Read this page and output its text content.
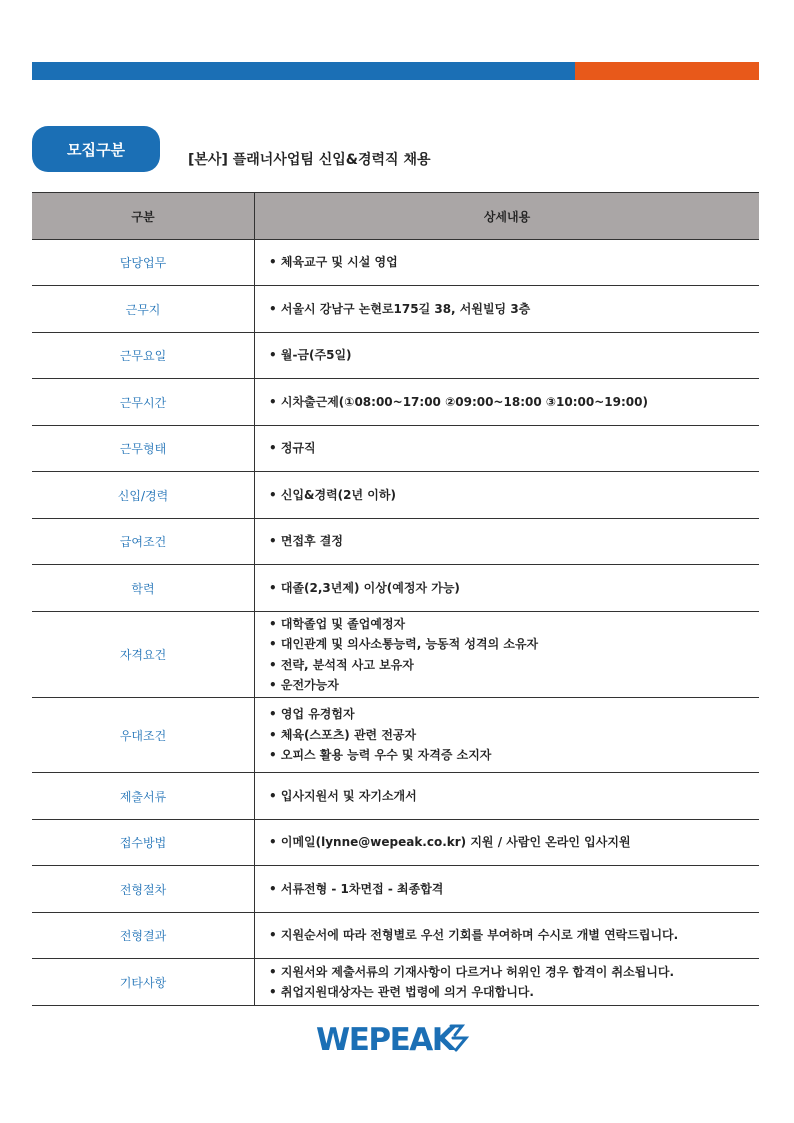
모집구분
[본사] 플래너사업팀 신입&경력직 채용
구분	상세내용
담당업무	• 체육교구 및 시설 영업

근무지	• 서울시 강남구 논현로175길 38, 서원빌딩 3층

근무요일	• 월-금(주5일)

근무시간	• 시차출근제(①08:00~17:00 ②09:00~18:00 ③10:00~19:00)

근무형태	• 정규직

신입/경력	• 신입&경력(2년 이하)

급여조건	• 면접후 결정

학력	• 대졸(2,3년제) 이상(예정자 가능)

자격요건	• 대학졸업 및 졸업예정자
• 대인관계 및 의사소통능력, 능동적 성격의 소유자
• 전략, 분석적 사고 보유자
• 운전가능자

우대조건	• 영업 유경험자
• 체육(스포츠) 관련 전공자
• 오피스 활용 능력 우수 및 자격증 소지자

제출서류	• 입사지원서 및 자기소개서

접수방법	• 이메일(lynne@wepeak.co.kr) 지원 / 사람인 온라인 입사지원

전형절차	• 서류전형 - 1차면접 - 최종합격

전형결과	• 지원순서에 따라 전형별로 우선 기회를 부여하며 수시로 개별 연락드립니다.

기타사항	• 지원서와 제출서류의 기재사항이 다르거나 허위인 경우 합격이 취소됩니다.
• 취업지원대상자는 관련 법령에 의거 우대합니다.
WEPEAK
